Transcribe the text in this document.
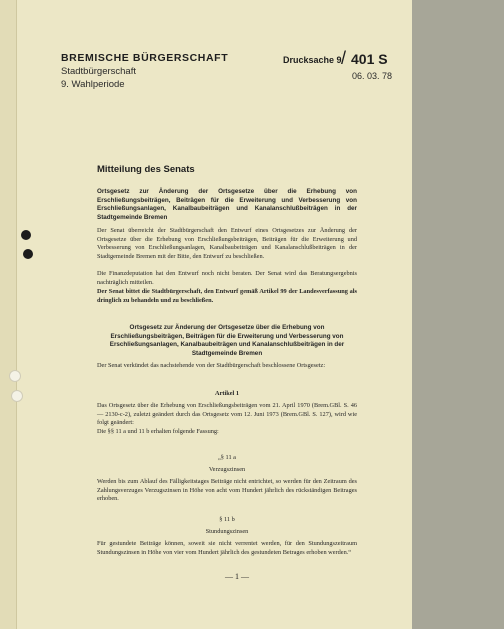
BREMISCHE BÜRGERSCHAFT
Stadtbürgerschaft
9. Wahlperiode
Drucksache 9 / 401 S
06. 03. 78
Mitteilung des Senats
Ortsgesetz zur Änderung der Ortsgesetze über die Erhebung von Erschließungsbeiträgen, Beiträgen für die Erweiterung und Verbesserung von Erschließungsanlagen, Kanalbaubeiträgen und Kanalanschlußbeiträgen in der Stadtgemeinde Bremen
Der Senat überreicht der Stadtbürgerschaft den Entwurf eines Ortsgesetzes zur Änderung der Ortsgesetze über die Erhebung von Erschließungsbeiträgen, Beiträgen für die Erweiterung und Verbesserung von Erschließungsanlagen, Kanalbaubeiträgen und Kanalanschlußbeiträgen in der Stadtgemeinde Bremen mit der Bitte, den Entwurf zu beschließen.
Die Finanzdeputation hat den Entwurf noch nicht beraten. Der Senat wird das Beratungsergebnis nachträglich mitteilen.
Der Senat bittet die Stadtbürgerschaft, den Entwurf gemäß Artikel 99 der Landesverfassung als dringlich zu behandeln und zu beschließen.
Ortsgesetz zur Änderung der Ortsgesetze über die Erhebung von Erschließungsbeiträgen, Beiträgen für die Erweiterung und Verbesserung von Erschließungsanlagen, Kanalbaubeiträgen und Kanalanschlußbeiträgen in der Stadtgemeinde Bremen
Der Senat verkündet das nachstehende von der Stadtbürgerschaft beschlossene Ortsgesetz:
Artikel 1
Das Ortsgesetz über die Erhebung von Erschließungsbeiträgen vom 21. April 1970 (Brem.GBl. S. 46 — 2130-c-2), zuletzt geändert durch das Ortsgesetz vom 12. Juni 1973 (Brem.GBl. S. 127), wird wie folgt geändert:
Die §§ 11 a und 11 b erhalten folgende Fassung:
„§ 11 a
Verzugszinsen
Werden bis zum Ablauf des Fälligkeitstages Beiträge nicht entrichtet, so werden für den Zeitraum des Zahlungsverzuges Verzugszinsen in Höhe von acht vom Hundert jährlich des rückständigen Beitrages erhoben.
§ 11 b
Stundungszinsen
Für gestundete Beiträge können, soweit sie nicht verrentet werden, für den Stundungszeitraum Stundungszinsen in Höhe von vier vom Hundert jährlich des gestundeten Betrages erhoben werden.“
— 1 —
